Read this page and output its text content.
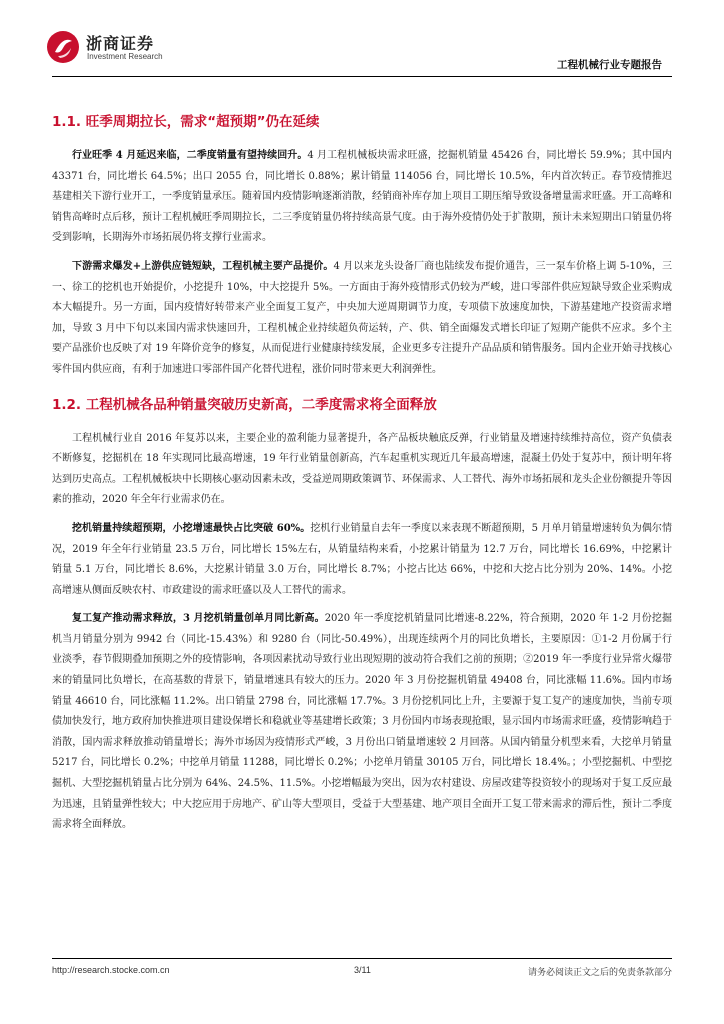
浙商证券
Investment Research
工程机械行业专题报告
1.1. 旺季周期拉长，需求“超预期”仍在延续

行业旺季 4 月延迟来临，二季度销量有望持续回升。4 月工程机械板块需求旺盛，挖掘机销量 45426 台，同比增长 59.9%；其中国内 43371 台，同比增长 64.5%；出口 2055 台，同比增长 0.88%；累计销量 114056 台，同比增长 10.5%，年内首次转正。春节疫情推迟基建相关下游行业开工，一季度销量承压。随着国内疫情影响逐渐消散，经销商补库存加上项目工期压缩导致设备增量需求旺盛。开工高峰和销售高峰时点后移，预计工程机械旺季周期拉长，二三季度销量仍将持续高景气度。由于海外疫情仍处于扩散期，预计未来短期出口销量仍将受到影响，长期海外市场拓展仍将支撑行业需求。

下游需求爆发+上游供应链短缺，工程机械主要产品提价。4 月以来龙头设备厂商也陆续发布提价通告，三一泵车价格上调 5-10%，三一、徐工的挖机也开始提价，小挖提升 10%，中大挖提升 5%。一方面由于海外疫情形式仍较为严峻，进口零部件供应短缺导致企业采购成本大幅提升。另一方面，国内疫情好转带来产业全面复工复产，中央加大逆周期调节力度，专项债下放速度加快，下游基建地产投资需求增加，导致 3 月中下旬以来国内需求快速回升，工程机械企业持续超负荷运转，产、供、销全面爆发式增长印证了短期产能供不应求。多个主要产品涨价也反映了对 19 年降价竞争的修复，从而促进行业健康持续发展，企业更多专注提升产品品质和销售服务。国内企业开始寻找核心零件国内供应商，有利于加速进口零部件国产化替代进程，涨价同时带来更大利润弹性。

1.2. 工程机械各品种销量突破历史新高，二季度需求将全面释放

工程机械行业自 2016 年复苏以来，主要企业的盈利能力显著提升，各产品板块触底反弹，行业销量及增速持续维持高位，资产负债表不断修复，挖掘机在 18 年实现同比最高增速，19 年行业销量创新高，汽车起重机实现近几年最高增速，混凝土仍处于复苏中，预计明年将达到历史高点。工程机械板块中长期核心驱动因素未改，受益逆周期政策调节、环保需求、人工替代、海外市场拓展和龙头企业份额提升等因素的推动，2020 年全年行业需求仍在。

挖机销量持续超预期，小挖增速最快占比突破 60%。挖机行业销量自去年一季度以来表现不断超预期，5 月单月销量增速转负为偶尔情况，2019 年全年行业销量 23.5 万台，同比增长 15%左右，从销量结构来看，小挖累计销量为 12.7 万台，同比增长 16.69%，中挖累计销量 5.1 万台，同比增长 8.6%，大挖累计销量 3.0 万台，同比增长 8.7%；小挖占比达 66%，中挖和大挖占比分别为 20%、14%。小挖高增速从侧面反映农村、市政建设的需求旺盛以及人工替代的需求。

复工复产推动需求释放，3 月挖机销量创单月同比新高。2020 年一季度挖机销量同比增速-8.22%，符合预期，2020 年 1-2 月份挖掘机当月销量分别为 9942 台（同比-15.43%）和 9280 台（同比-50.49%），出现连续两个月的同比负增长，主要原因：①1-2 月份属于行业淡季，春节假期叠加预期之外的疫情影响，各项因素扰动导致行业出现短期的波动符合我们之前的预期；②2019 年一季度行业异常火爆带来的销量同比负增长，在高基数的背景下，销量增速具有较大的压力。2020 年 3 月份挖掘机销量 49408 台，同比涨幅 11.6%。国内市场销量 46610 台，同比涨幅 11.2%。出口销量 2798 台，同比涨幅 17.7%。3 月份挖机同比上升，主要源于复工复产的速度加快，当前专项债加快发行，地方政府加快推进项目建设保增长和稳就业等基建增长政策；3 月份国内市场表现抢眼，显示国内市场需求旺盛，疫情影响趋于消散，国内需求释放推动销量增长；海外市场因为疫情形式严峻，3 月份出口销量增速较 2 月回落。从国内销量分机型来看，大挖单月销量 5217 台，同比增长 0.2%；中挖单月销量 11288，同比增长 0.2%；小挖单月销量 30105 万台，同比增长 18.4%。；小型挖掘机、中型挖掘机、大型挖掘机销量占比分别为 64%、24.5%、11.5%。小挖增幅最为突出，因为农村建设、房屋改建等投资较小的现场对于复工反应最为迅速，且销量弹性较大；中大挖应用于房地产、矿山等大型项目，受益于大型基建、地产项目全面开工复工带来需求的滞后性，预计二季度需求将全面释放。

http://research.stocke.com.cn	3/11	请务必阅读正文之后的免责条款部分
